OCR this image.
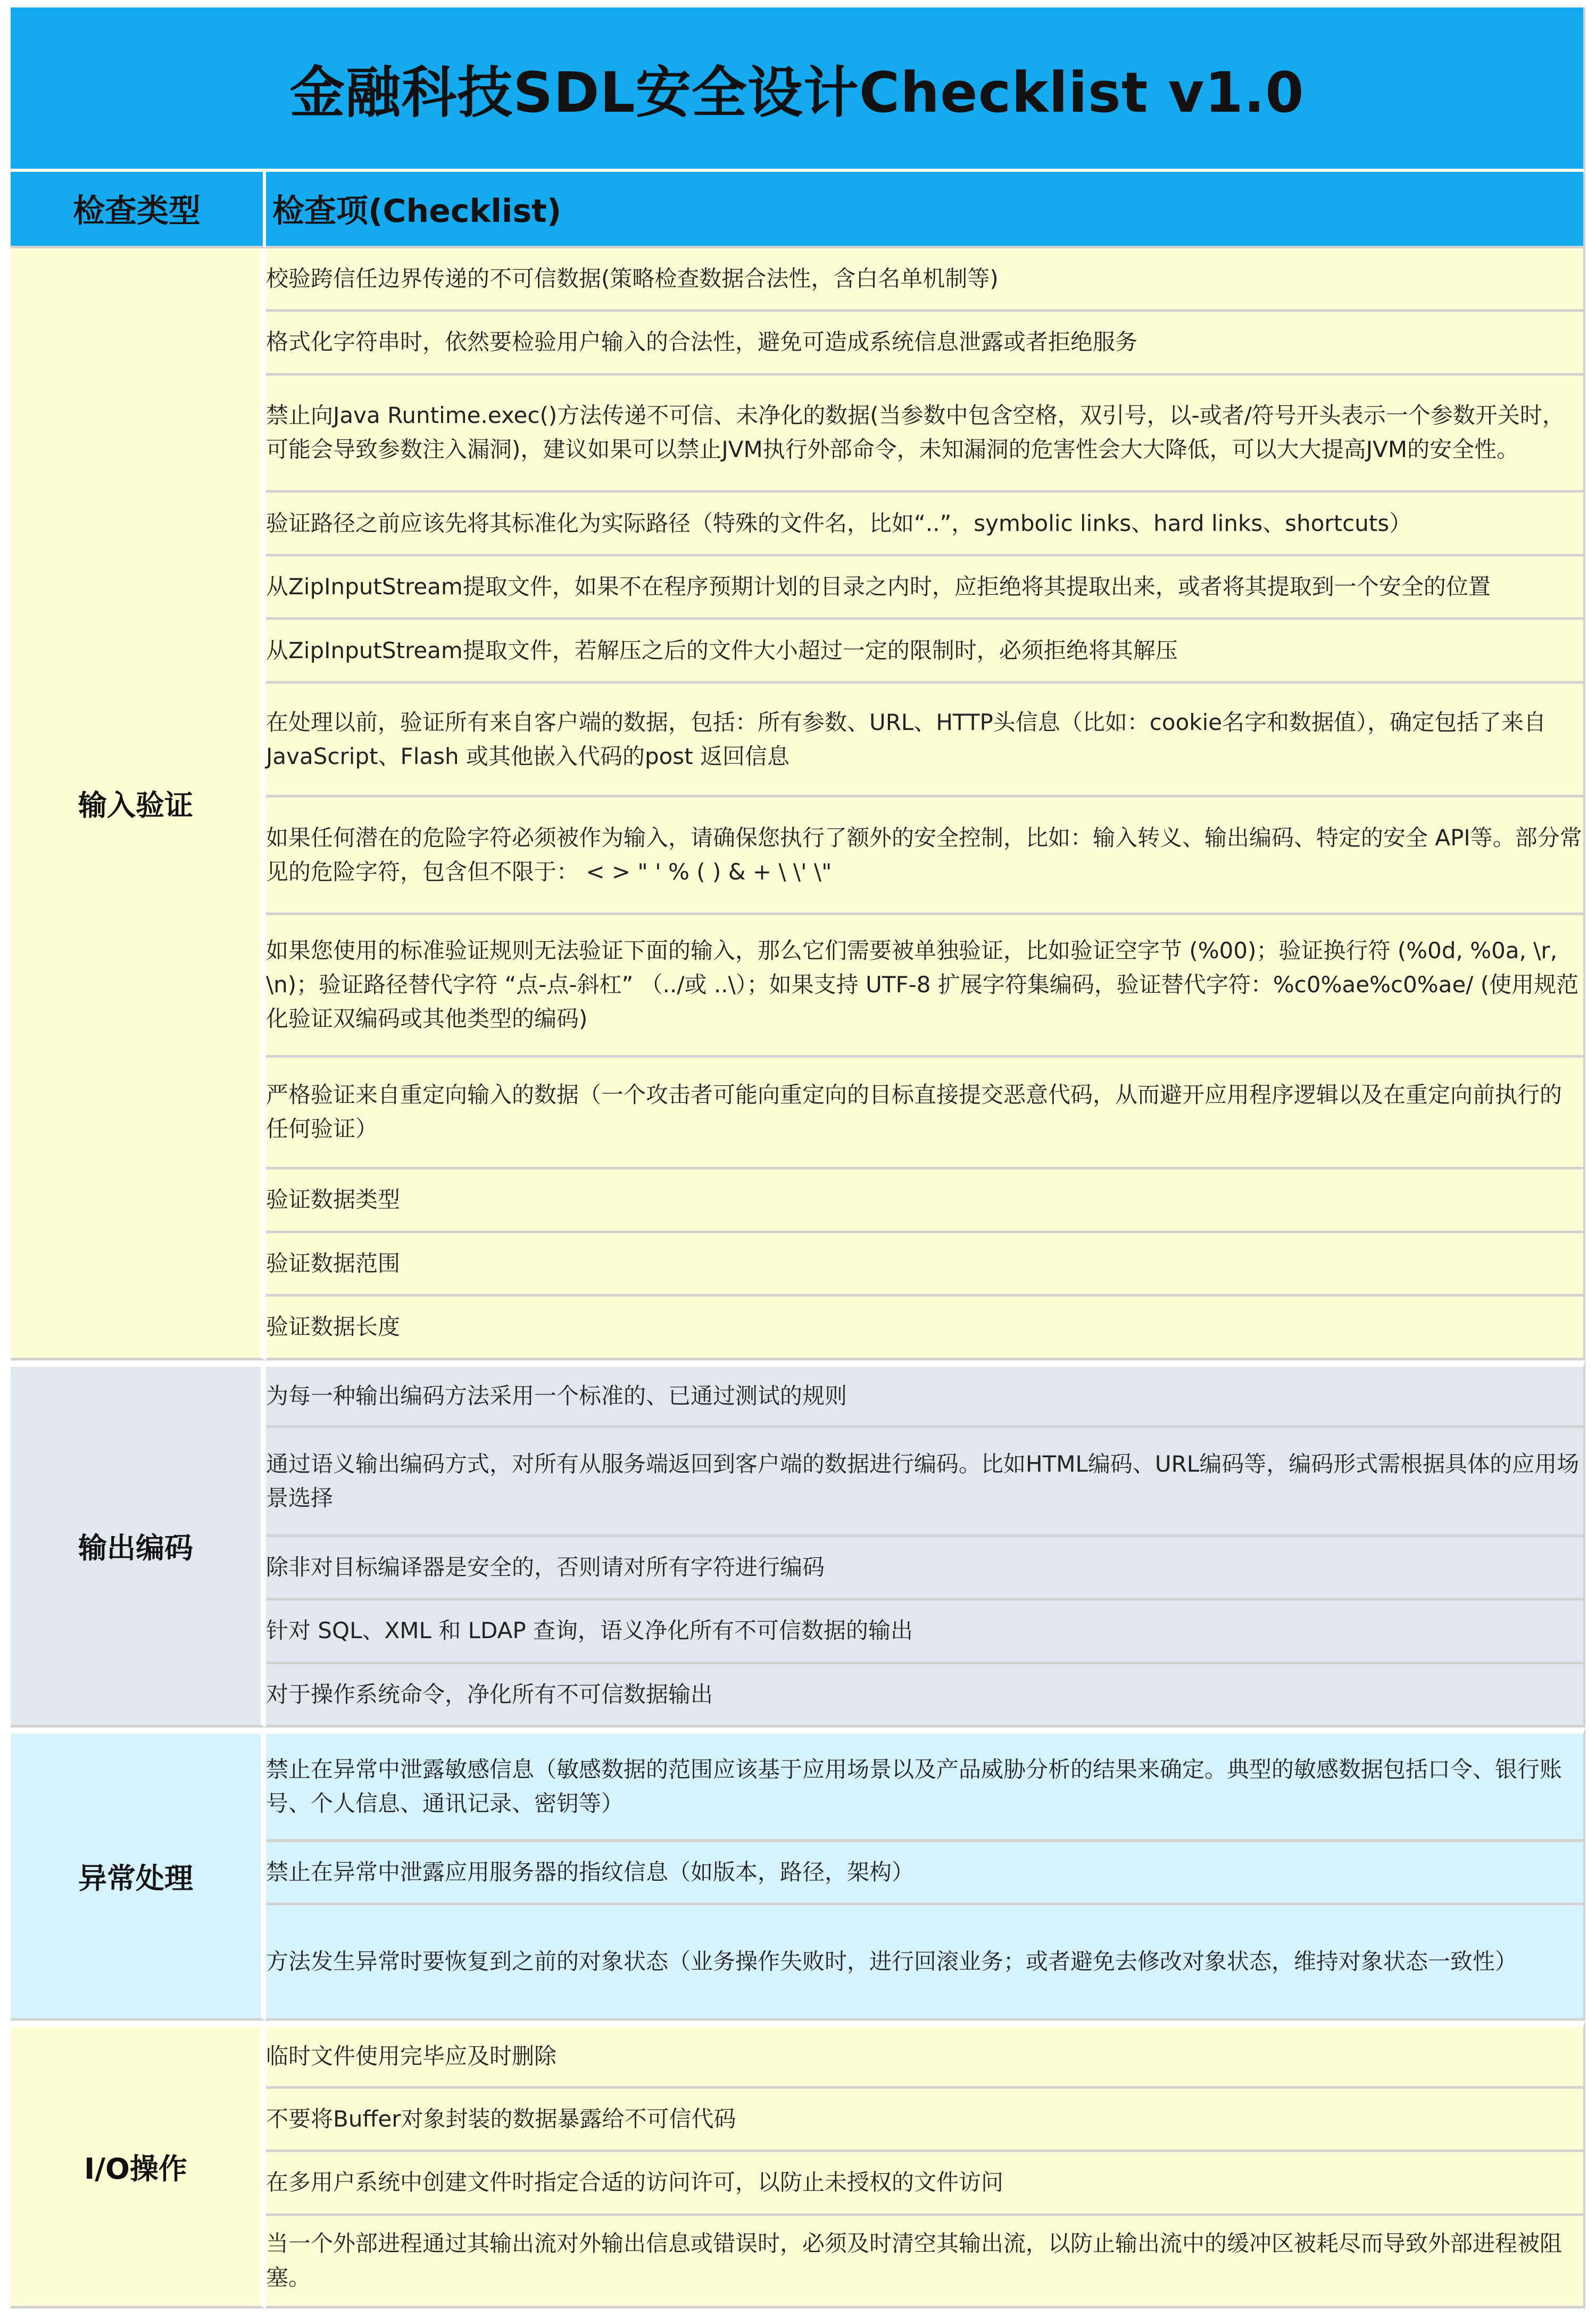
金融科技SDL安全设计Checklist v1.0	
检查类型	检查项(Checklist)
输入验证	校验跨信任边界传递的不可信数据(策略检查数据合法性，含白名单机制等)
	格式化字符串时，依然要检验用户输入的合法性，避免可造成系统信息泄露或者拒绝服务
	禁止向Java Runtime.exec()方法传递不可信、未净化的数据(当参数中包含空格，双引号，以-或者/符号开头表示一个参数开关时，可能会导致参数注入漏洞)，建议如果可以禁止JVM执行外部命令，未知漏洞的危害性会大大降低，可以大大提高JVM的安全性。
	验证路径之前应该先将其标准化为实际路径（特殊的文件名，比如“..”，symbolic links、hard links、shortcuts）
	从ZipInputStream提取文件，如果不在程序预期计划的目录之内时，应拒绝将其提取出来，或者将其提取到一个安全的位置
	从ZipInputStream提取文件，若解压之后的文件大小超过一定的限制时，必须拒绝将其解压
	在处理以前，验证所有来自客户端的数据，包括：所有参数、URL、HTTP头信息（比如：cookie名字和数据值），确定包括了来自 JavaScript、Flash 或其他嵌入代码的post 返回信息
	如果任何潜在的危险字符必须被作为输入，请确保您执行了额外的安全控制，比如：输入转义、输出编码、特定的安全 API等。部分常见的危险字符，包含但不限于： < > " ' % ( ) & + \ \' \"
	如果您使用的标准验证规则无法验证下面的输入，那么它们需要被单独验证，比如验证空字节 (%00)；验证换行符 (%0d, %0a, \r, \n)；验证路径替代字符 “点-点-斜杠” （../或 ..\）；如果支持 UTF-8 扩展字符集编码，验证替代字符：%c0%ae%c0%ae/ (使用规范化验证双编码或其他类型的编码)
	严格验证来自重定向输入的数据（一个攻击者可能向重定向的目标直接提交恶意代码，从而避开应用程序逻辑以及在重定向前执行的任何验证）
	验证数据类型
	验证数据范围
	验证数据长度
输出编码	为每一种输出编码方法采用一个标准的、已通过测试的规则
	通过语义输出编码方式，对所有从服务端返回到客户端的数据进行编码。比如HTML编码、URL编码等，编码形式需根据具体的应用场景选择
	除非对目标编译器是安全的，否则请对所有字符进行编码
	针对 SQL、XML 和 LDAP 查询，语义净化所有不可信数据的输出
	对于操作系统命令，净化所有不可信数据输出
异常处理	禁止在异常中泄露敏感信息（敏感数据的范围应该基于应用场景以及产品威胁分析的结果来确定。典型的敏感数据包括口令、银行账号、个人信息、通讯记录、密钥等）
	禁止在异常中泄露应用服务器的指纹信息（如版本，路径，架构）
	方法发生异常时要恢复到之前的对象状态（业务操作失败时，进行回滚业务；或者避免去修改对象状态，维持对象状态一致性）
I/O操作	临时文件使用完毕应及时删除
	不要将Buffer对象封装的数据暴露给不可信代码
	在多用户系统中创建文件时指定合适的访问许可，以防止未授权的文件访问
	当一个外部进程通过其输出流对外输出信息或错误时，必须及时清空其输出流，以防止输出流中的缓冲区被耗尽而导致外部进程被阻塞。
